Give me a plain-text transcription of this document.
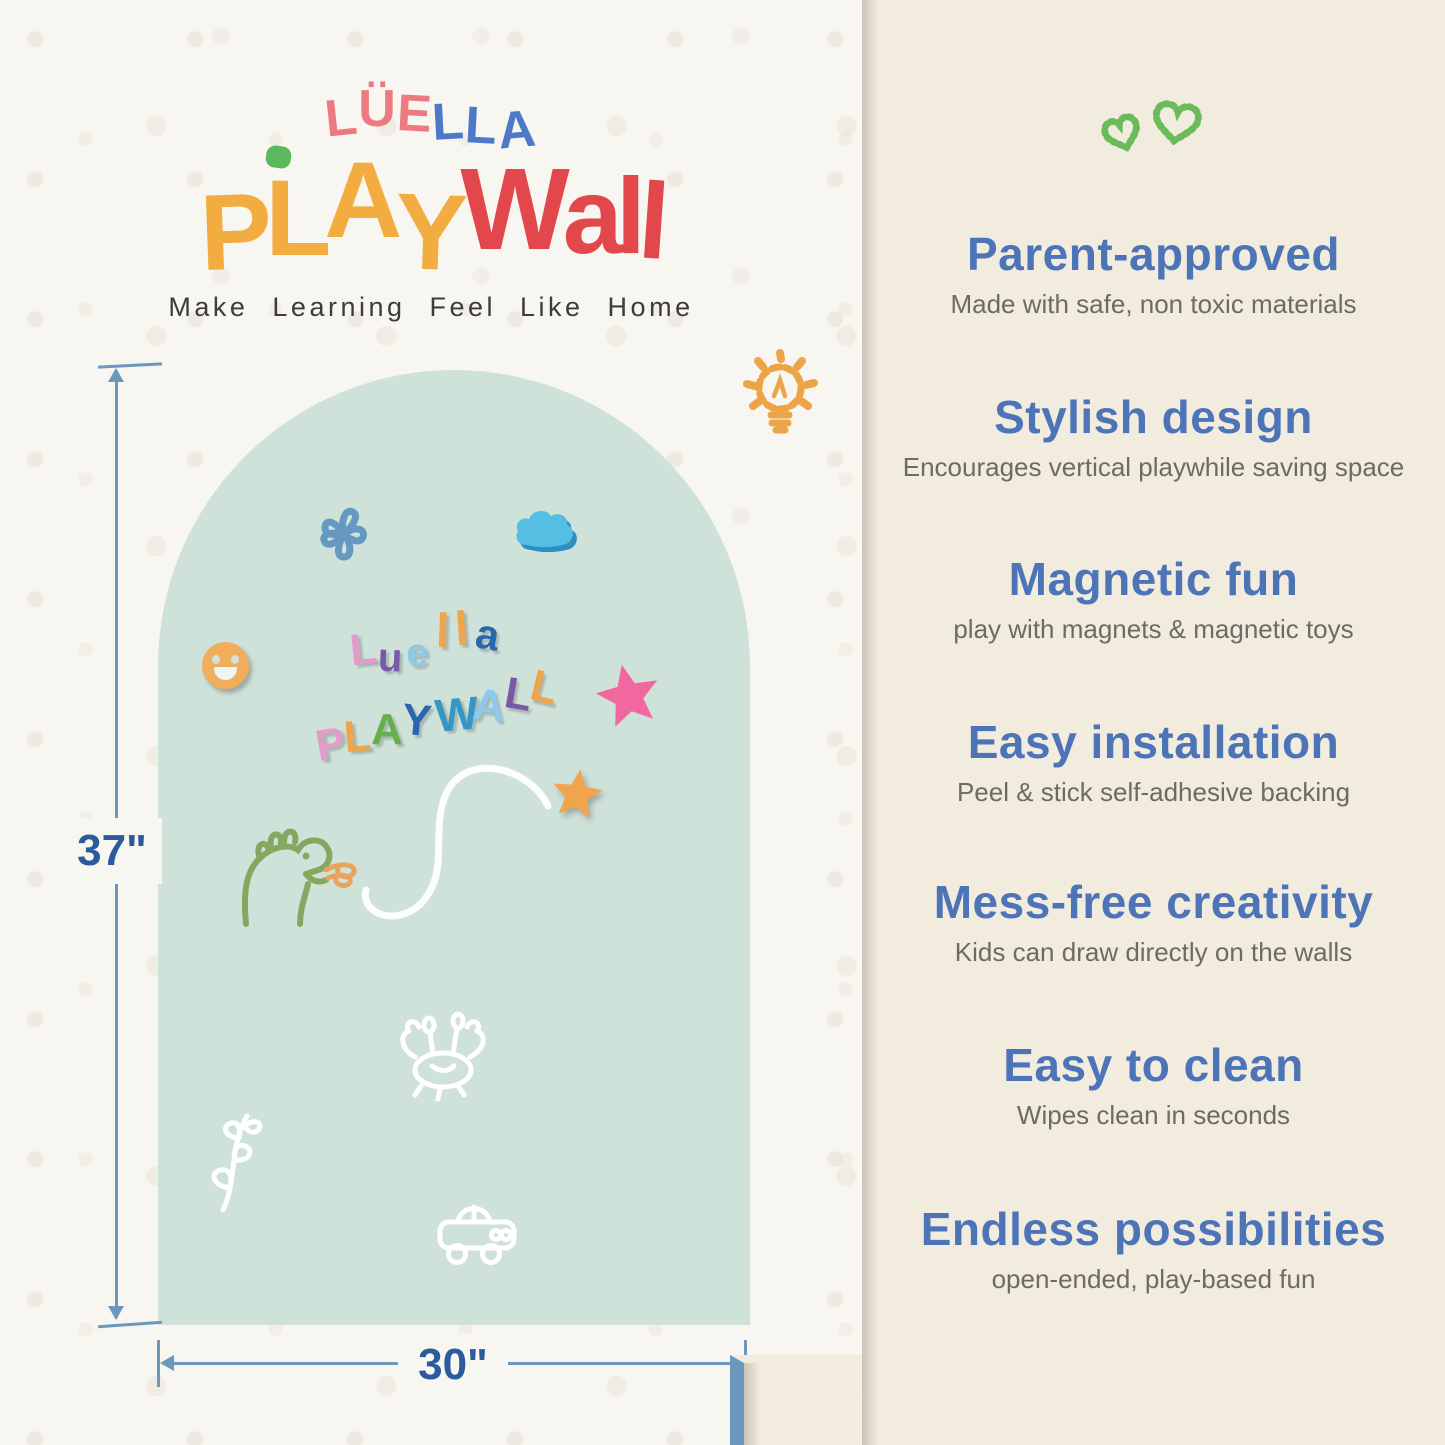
LÜELLA
PLAYWall
Make Learning Feel Like Home
L
u e l l a
P
L
A
Y W
A
L
L
37"
30"
Parent-approved

Made with safe, non toxic materials

Stylish design

Encourages vertical playwhile saving space

Magnetic fun

play with magnets & magnetic toys

Easy installation

Peel & stick self-adhesive backing

Mess-free creativity

Kids can draw directly on the walls

Easy to clean

Wipes clean in seconds

Endless possibilities

open-ended, play-based fun
